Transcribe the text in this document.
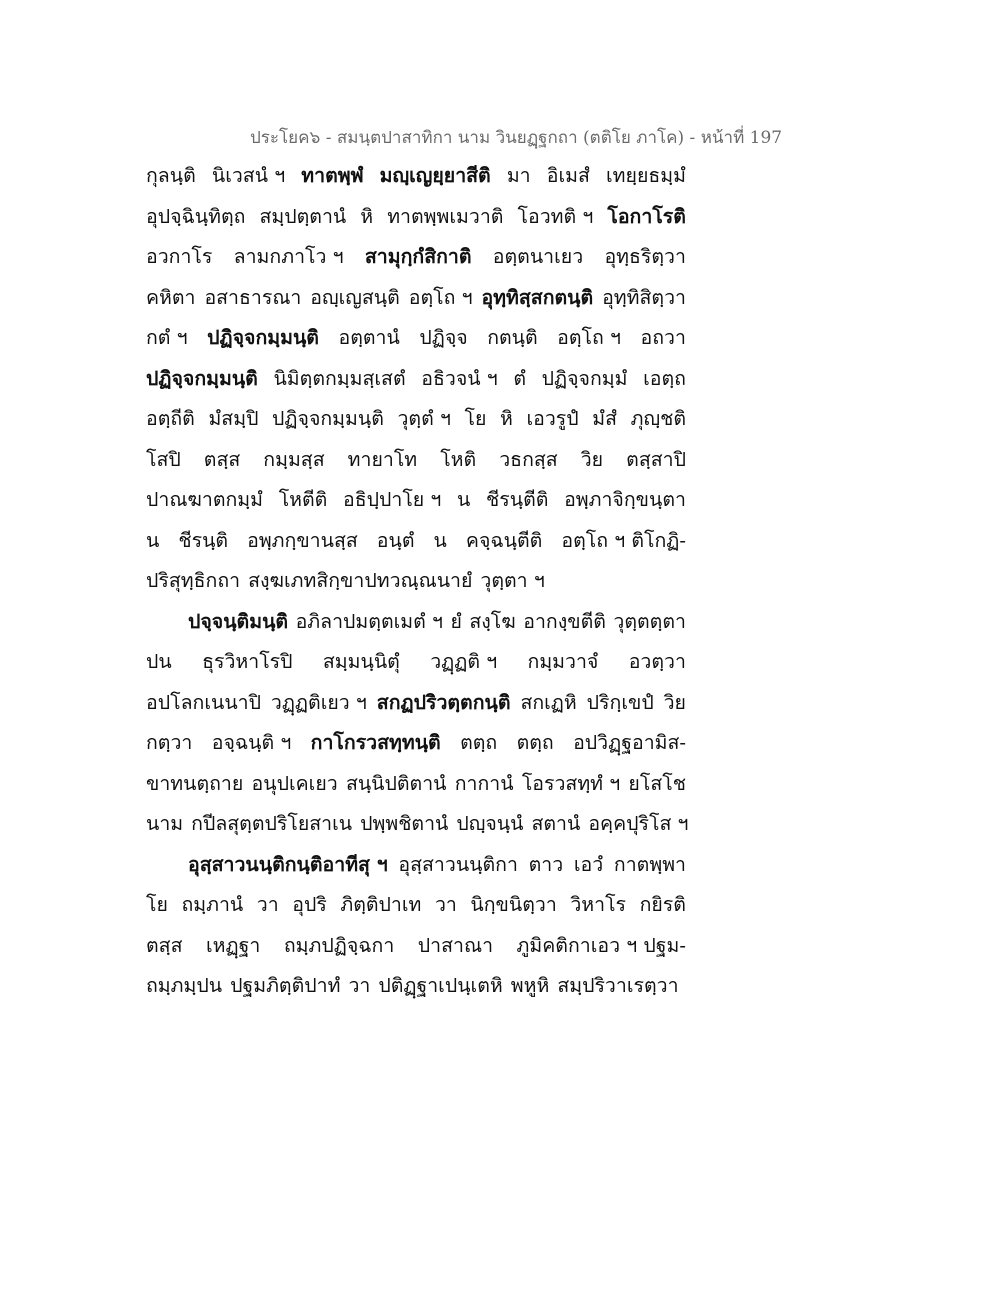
ประโยค๖ - สมนฺตปาสาทิกา นาม วินยฏฺฐกถา (ตติโย ภาโค) - หน้าที่ 197
กุลนฺติ นิเวสนํ ฯ ทาตพฺพํ มญฺเญยฺยาสีติ มา อิเมสํ เทยฺยธมฺมํ
อุปจฺฉินฺทิตฺถ สมฺปตฺตานํ หิ ทาตพฺพเมวาติ โอวทติ ฯ โอกาโรติ
อวกาโร ลามกภาโว ฯ สามุกฺกํสิกาติ อตฺตนาเยว อุทฺธริตฺวา
คหิตา อสาธารณา อญฺเญสนฺติ อตฺโถ ฯ อุทฺทิสฺสกตนฺติ อุทฺทิสิตฺวา
กตํ ฯ ปฏิจฺจกมฺมนฺติ อตฺตานํ ปฏิจฺจ กตนฺติ อตฺโถ ฯ อถวา
ปฏิจฺจกมฺมนฺติ นิมิตฺตกมฺมสฺเสตํ อธิวจนํ ฯ ตํ ปฏิจฺจกมฺมํ เอตฺถ
อตฺถีติ มํสมฺปิ ปฏิจฺจกมฺมนฺติ วุตฺตํ ฯ โย หิ เอวรูปํ มํสํ ภุญฺชติ
โสปิ ตสฺส กมฺมสฺส ทายาโท โหติ วธกสฺส วิย ตสฺสาปิ
ปาณฆาตกมฺมํ โหตีติ อธิปฺปาโย ฯ น ชีรนฺตีติ อพฺภาจิกฺขนฺตา
น ชีรนฺติ อพฺภกฺขานสฺส อนฺตํ น คจฺฉนฺตีติ อตฺโถ ฯ ติโกฏิ-
ปริสุทฺธิกถา สงฺฆเภทสิกฺขาปทวณฺณนายํ วุตฺตา ฯ
ปจฺจนฺติมนฺติ อภิลาปมตฺตเมตํ ฯ ยํ สงฺโฆ อากงฺขตีติ วุตฺตตฺตา
ปน ธุรวิหาโรปิ สมฺมนฺนิตุํ วฏฺฏติ ฯ กมฺมวาจํ อวตฺวา
อปโลกเนนาปิ วฏฺฏติเยว ฯ สกฏปริวตฺตกนฺติ สกเฏหิ ปริกฺเขปํ วิย
กตฺวา อจฺฉนฺติ ฯ กาโกรวสทฺทนฺติ ตตฺถ ตตฺถ อปวิฏฺฐอามิส-
ขาทนตฺถาย อนุปเคเยว สนฺนิปติตานํ กากานํ โอรวสทฺทํ ฯ ยโสโช
นาม กปีลสุตฺตปริโยสาเน ปพฺพชิตานํ ปญฺจนฺนํ สตานํ อคฺคปุริโส ฯ
อุสฺสาวนนฺติกนฺติอาทีสุ ฯ อุสฺสาวนนฺติกา ตาว เอวํ กาตพฺพา
โย ถมฺภานํ วา อุปริ ภิตฺติปาเท วา นิกฺขนิตฺวา วิหาโร กยิรติ
ตสฺส เหฏฺฐา ถมฺภปฏิจฺฉกา ปาสาณา ภูมิคติกาเอว ฯ ปฐม-
ถมฺภมฺปน ปฐมภิตฺติปาทํ วา ปติฏฺฐาเปนฺเตหิ พหูหิ สมฺปริวาเรตฺวา
